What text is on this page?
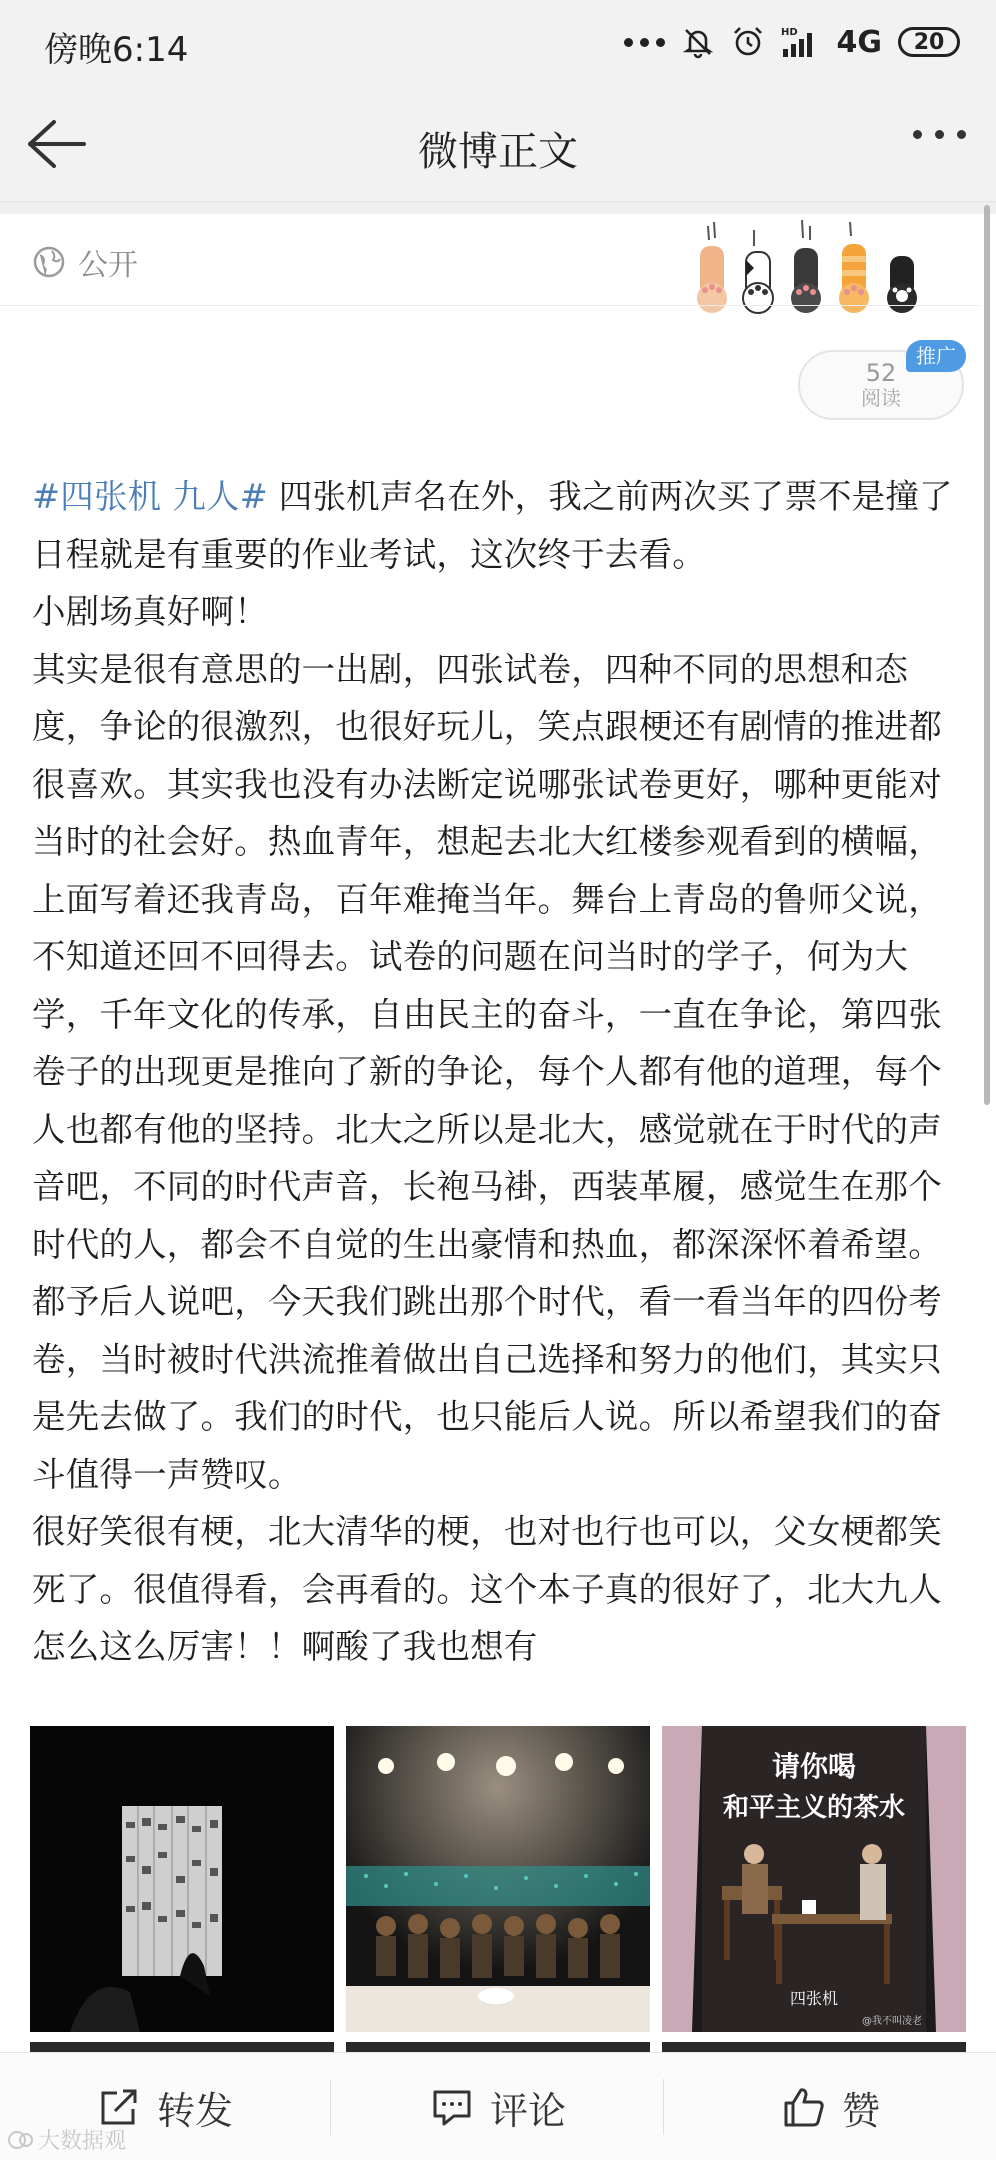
傍晚6:14	HD 4G 20
微博正文
公开
52
阅读
推广

#四张机 九人# 四张机声名在外，我之前两次买了票不是撞了日程就是有重要的作业考试，这次终于去看。

小剧场真好啊！

其实是很有意思的一出剧，四张试卷，四种不同的思想和态度，争论的很激烈，也很好玩儿，笑点跟梗还有剧情的推进都很喜欢。其实我也没有办法断定说哪张试卷更好，哪种更能对当时的社会好。热血青年，想起去北大红楼参观看到的横幅，上面写着还我青岛，百年难掩当年。舞台上青岛的鲁师父说，不知道还回不回得去。试卷的问题在问当时的学子，何为大学，千年文化的传承，自由民主的奋斗，一直在争论，第四张卷子的出现更是推向了新的争论，每个人都有他的道理，每个人也都有他的坚持。北大之所以是北大，感觉就在于时代的声音吧，不同的时代声音，长袍马褂，西装革履，感觉生在那个时代的人，都会不自觉的生出豪情和热血，都深深怀着希望。

都予后人说吧，今天我们跳出那个时代，看一看当年的四份考卷，当时被时代洪流推着做出自己选择和努力的他们，其实只是先去做了。我们的时代，也只能后人说。所以希望我们的奋斗值得一声赞叹。

很好笑很有梗，北大清华的梗，也对也行也可以，父女梗都笑死了。很值得看，会再看的。这个本子真的很好了，北大九人怎么这么厉害！！啊酸了我也想有

请你喝
和平主义的茶水
四张机
@我不叫凌老
转发	评论	赞
大数据观
